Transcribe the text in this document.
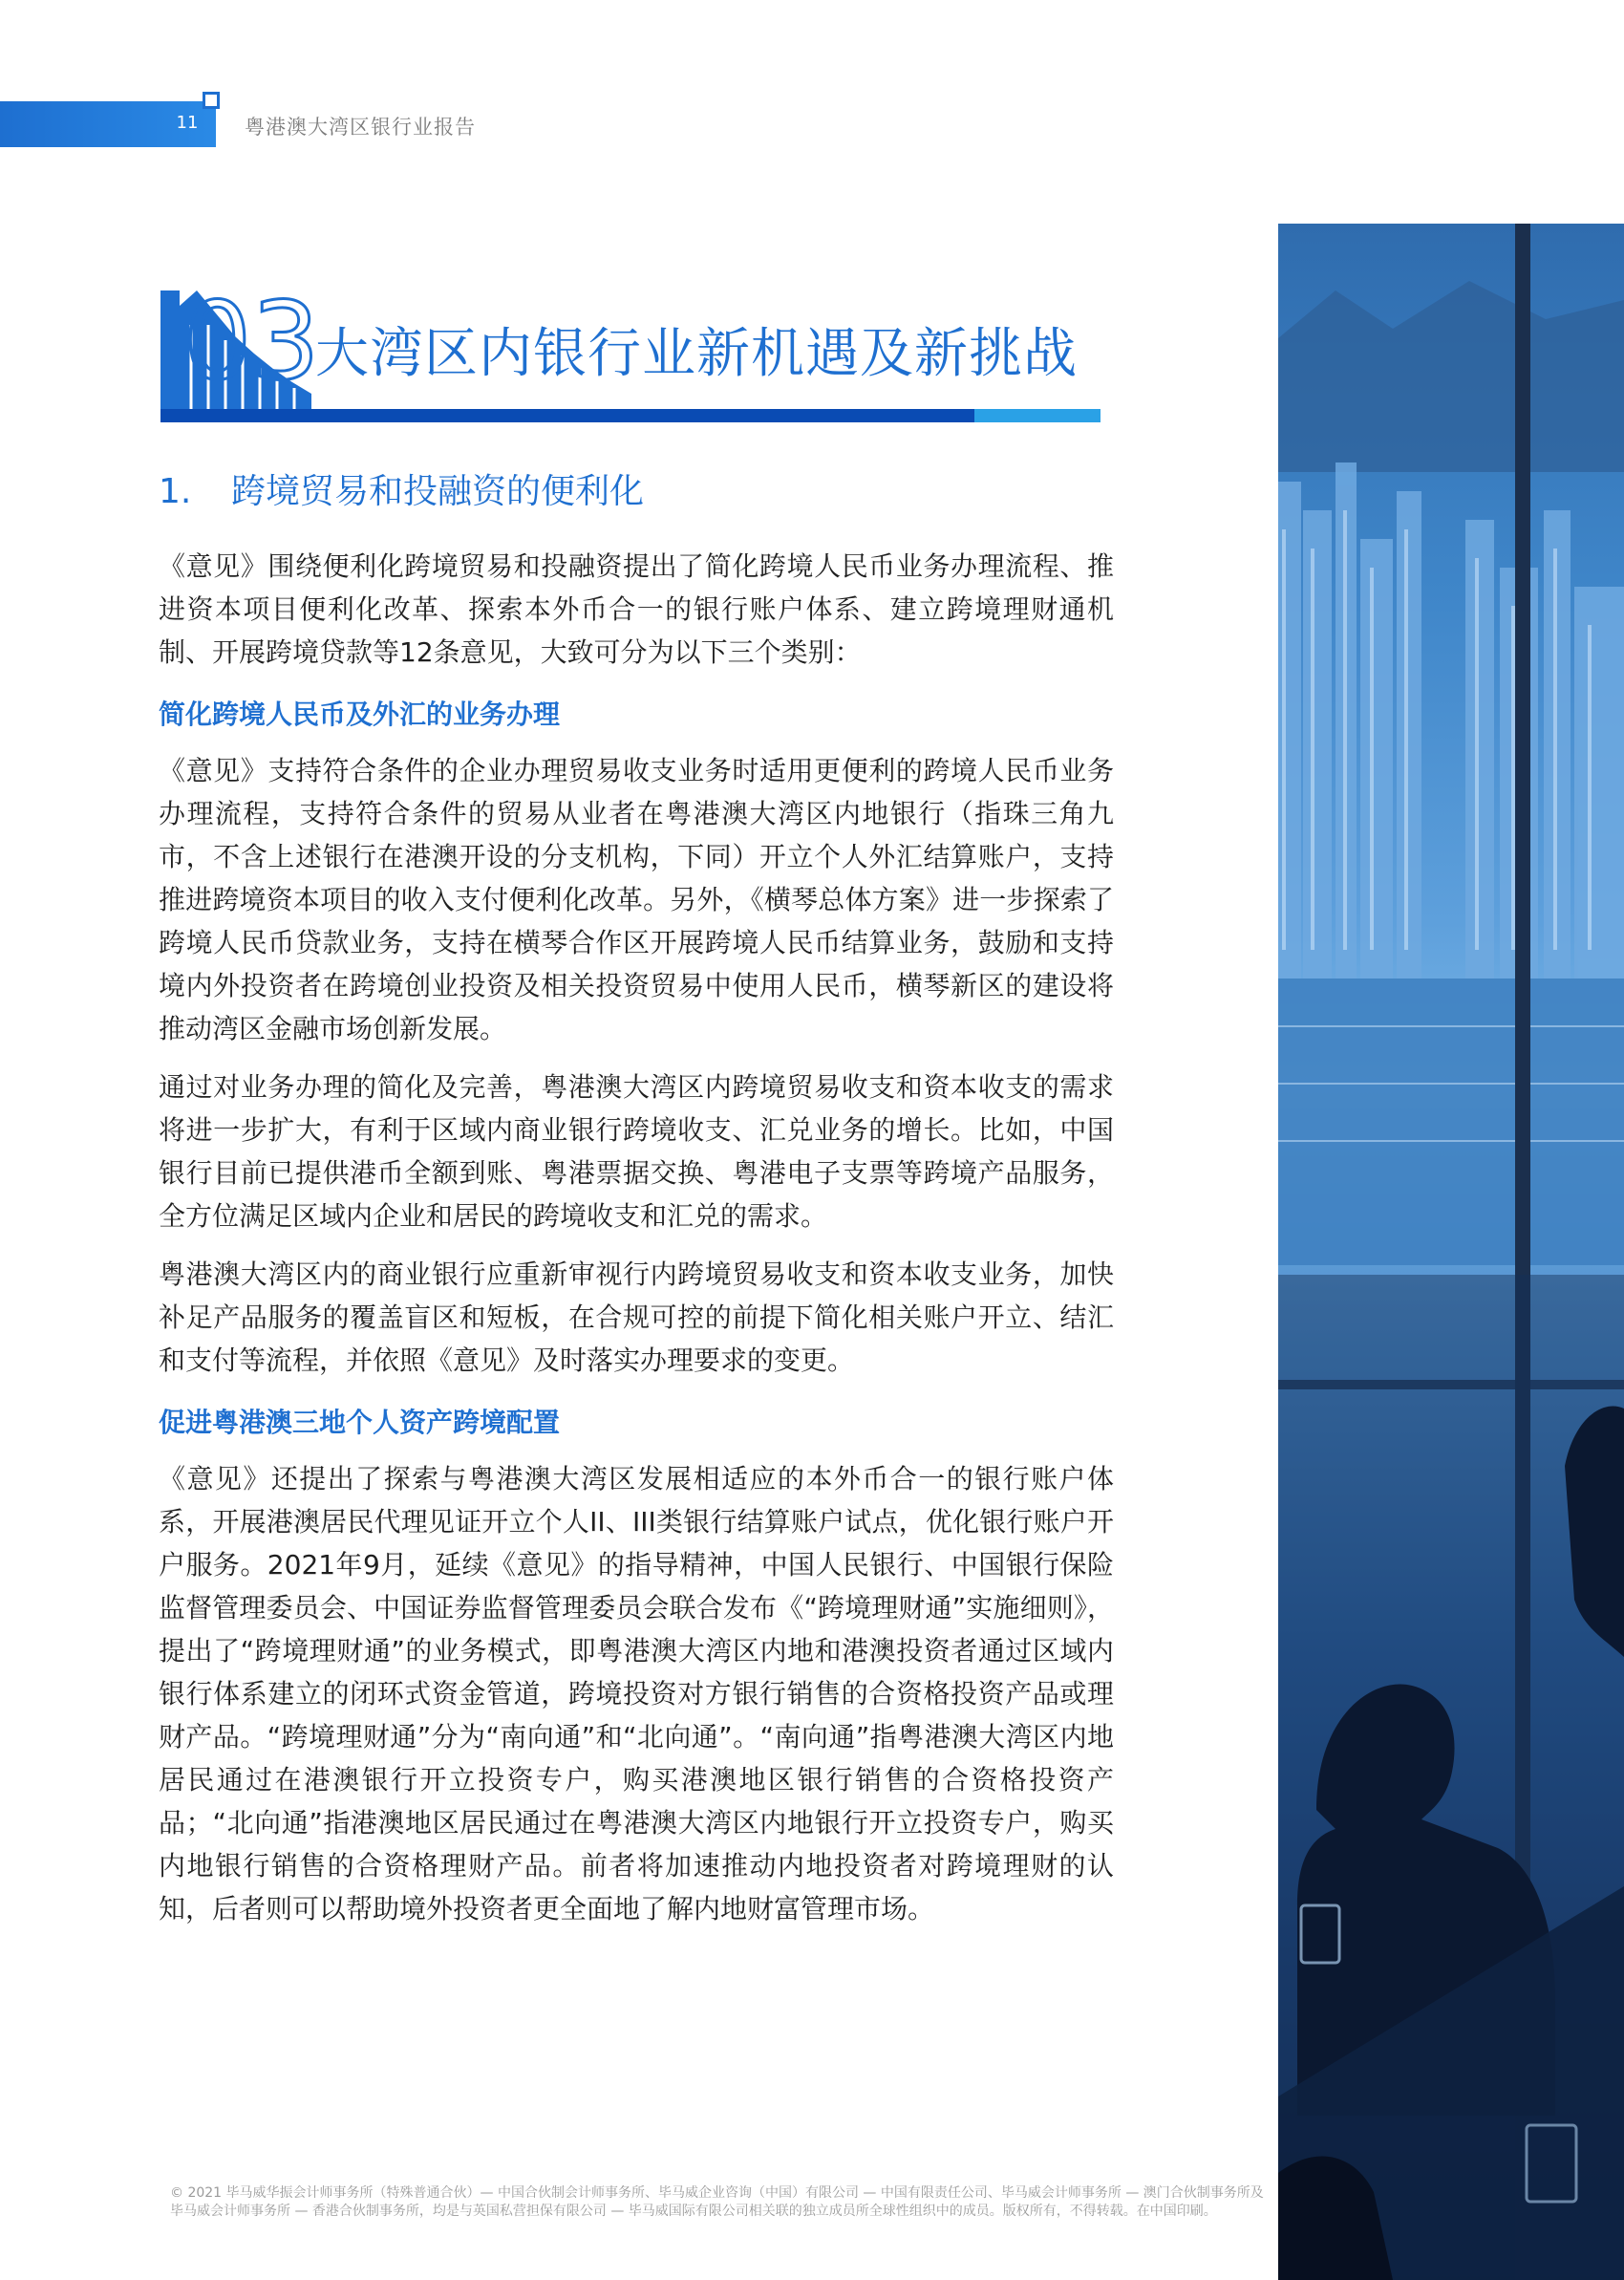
11	粤港澳大湾区银行业报告
03
大湾区内银行业新机遇及新挑战
1. 跨境贸易和投融资的便利化

《意见》围绕便利化跨境贸易和投融资提出了简化跨境人民币业务办理流程、推进资本项目便利化改革、探索本外币合一的银行账户体系、建立跨境理财通机制、开展跨境贷款等12条意见，大致可分为以下三个类别：

简化跨境人民币及外汇的业务办理

《意见》支持符合条件的企业办理贸易收支业务时适用更便利的跨境人民币业务办理流程，支持符合条件的贸易从业者在粤港澳大湾区内地银行（指珠三角九市，不含上述银行在港澳开设的分支机构，下同）开立个人外汇结算账户，支持推进跨境资本项目的收入支付便利化改革。另外，《横琴总体方案》进一步探索了跨境人民币贷款业务，支持在横琴合作区开展跨境人民币结算业务，鼓励和支持境内外投资者在跨境创业投资及相关投资贸易中使用人民币，横琴新区的建设将推动湾区金融市场创新发展。

通过对业务办理的简化及完善，粤港澳大湾区内跨境贸易收支和资本收支的需求将进一步扩大，有利于区域内商业银行跨境收支、汇兑业务的增长。比如，中国银行目前已提供港币全额到账、粤港票据交换、粤港电子支票等跨境产品服务，全方位满足区域内企业和居民的跨境收支和汇兑的需求。

粤港澳大湾区内的商业银行应重新审视行内跨境贸易收支和资本收支业务，加快补足产品服务的覆盖盲区和短板，在合规可控的前提下简化相关账户开立、结汇和支付等流程，并依照《意见》及时落实办理要求的变更。

促进粤港澳三地个人资产跨境配置

《意见》还提出了探索与粤港澳大湾区发展相适应的本外币合一的银行账户体系，开展港澳居民代理见证开立个人II、III类银行结算账户试点，优化银行账户开户服务。2021年9月，延续《意见》的指导精神，中国人民银行、中国银行保险监督管理委员会、中国证券监督管理委员会联合发布《“跨境理财通”实施细则》，提出了“跨境理财通”的业务模式，即粤港澳大湾区内地和港澳投资者通过区域内银行体系建立的闭环式资金管道，跨境投资对方银行销售的合资格投资产品或理财产品。“跨境理财通”分为“南向通”和“北向通”。“南向通”指粤港澳大湾区内地居民通过在港澳银行开立投资专户，购买港澳地区银行销售的合资格投资产品；“北向通”指港澳地区居民通过在粤港澳大湾区内地银行开立投资专户，购买内地银行销售的合资格理财产品。前者将加速推动内地投资者对跨境理财的认知，后者则可以帮助境外投资者更全面地了解内地财富管理市场。

© 2021 毕马威华振会计师事务所（特殊普通合伙）— 中国合伙制会计师事务所、毕马威企业咨询（中国）有限公司 — 中国有限责任公司、毕马威会计师事务所 — 澳门合伙制事务所及
毕马威会计师事务所 — 香港合伙制事务所，均是与英国私营担保有限公司 — 毕马威国际有限公司相关联的独立成员所全球性组织中的成员。版权所有，不得转载。在中国印刷。
